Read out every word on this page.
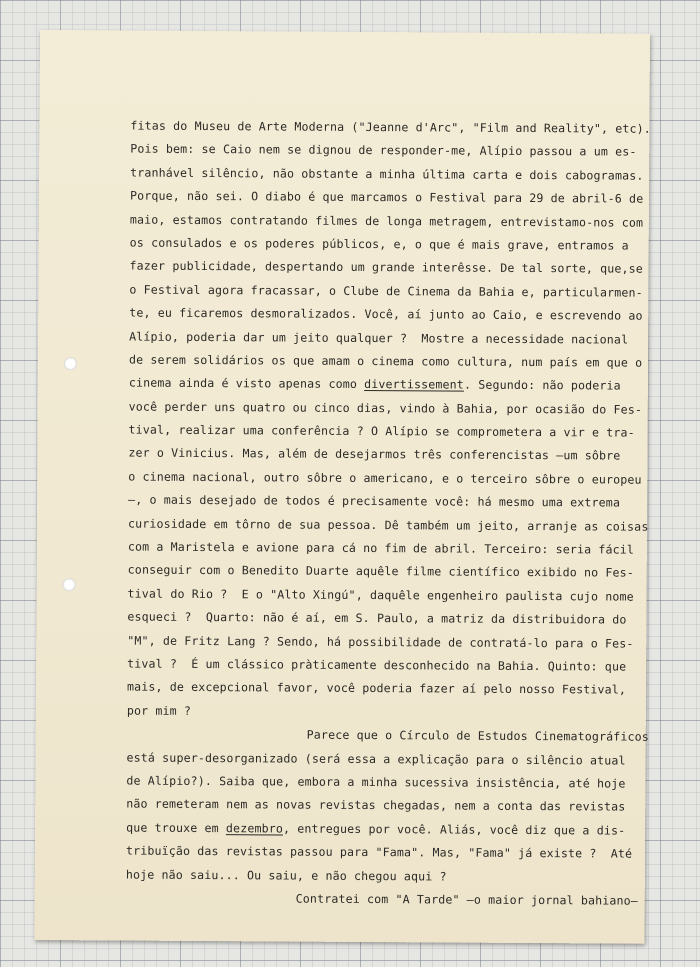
fitas do Museu de Arte Moderna ("Jeanne d'Arc", "Film and Reality", etc).
Pois bem: se Caio nem se dignou de responder-me, Alípio passou a um es-
tranhável silêncio, não obstante a minha última carta e dois cabogramas.
Porque, não sei. O diabo é que marcamos o Festival para 29 de abril-6 de
maio, estamos contratando filmes de longa metragem, entrevistamo-nos com
os consulados e os poderes públicos, e, o que é mais grave, entramos a
fazer publicidade, despertando um grande interêsse. De tal sorte, que,se
o Festival agora fracassar, o Clube de Cinema da Bahia e, particularmen-
te, eu ficaremos desmoralizados. Você, aí junto ao Caio, e escrevendo ao
Alípio, poderia dar um jeito qualquer ?  Mostre a necessidade nacional
de serem solidários os que amam o cinema como cultura, num país em que o
cinema ainda é visto apenas como divertissement. Segundo: não poderia
você perder uns quatro ou cinco dias, vindo à Bahia, por ocasião do Fes-
tival, realizar uma conferência ? O Alípio se comprometera a vir e tra-
zer o Vinicius. Mas, além de desejarmos três conferencistas —um sôbre
o cinema nacional, outro sôbre o americano, e o terceiro sôbre o europeu
—, o mais desejado de todos é precisamente você: há mesmo uma extrema
curiosidade em tôrno de sua pessoa. Dê também um jeito, arranje as coisas
com a Maristela e avione para cá no fim de abril. Terceiro: seria fácil
conseguir com o Benedito Duarte aquêle filme científico exibido no Fes-
tival do Rio ?  E o "Alto Xingú", daquêle engenheiro paulista cujo nome
esqueci ?  Quarto: não é aí, em S. Paulo, a matriz da distribuidora do
"M", de Fritz Lang ? Sendo, há possibilidade de contratá-lo para o Fes-
tival ?  É um clássico pràticamente desconhecido na Bahia. Quinto: que
mais, de excepcional favor, você poderia fazer aí pelo nosso Festival,
por mim ?
Parece que o Círculo de Estudos Cinematográficos
está super-desorganizado (será essa a explicação para o silêncio atual
de Alípio?). Saiba que, embora a minha sucessiva insistência, até hoje
não remeteram nem as novas revistas chegadas, nem a conta das revistas
que trouxe em dezembro, entregues por você. Aliás, você diz que a dis-
tribuïção das revistas passou para "Fama". Mas, "Fama" já existe ?  Até
hoje não saiu... Ou saiu, e não chegou aqui ?
Contratei com "A Tarde" —o maior jornal bahiano—
